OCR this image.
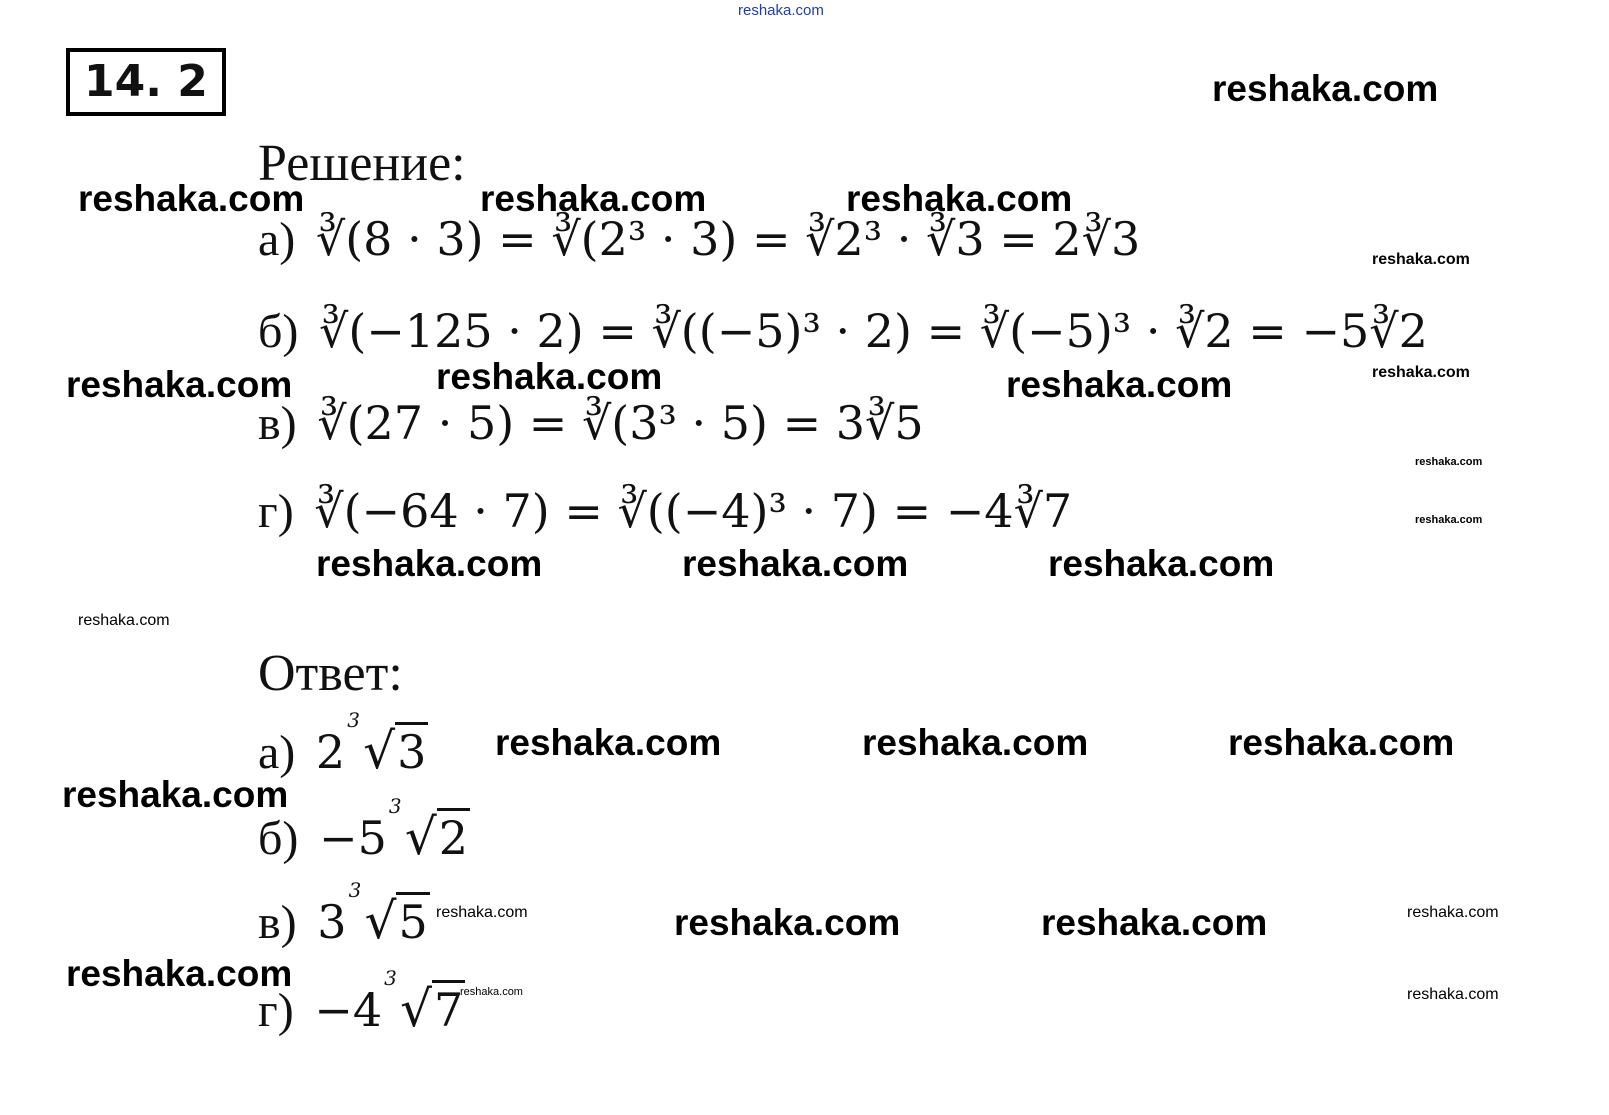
reshaka.com
14. 2
Решение:
Ответ:
а) ∛(8 · 3) = ∛(2³ · 3) = ∛2³ · ∛3 = 2∛3
б) ∛(−125 · 2) = ∛((−5)³ · 2) = ∛(−5)³ · ∛2 = −5∛2
в) ∛(27 · 5) = ∛(3³ · 5) = 3∛5
г) ∛(−64 · 7) = ∛((−4)³ · 7) = −4∛7
а) 2
3
√3
б) −5
3
√2
в) 3
3
√5
г) −4
3
√7
reshaka.com
reshaka.com	reshaka.com	reshaka.com
reshaka.com
reshaka.com
reshaka.com	reshaka.com	reshaka.com
reshaka.com
reshaka.com
reshaka.com	reshaka.com	reshaka.com
reshaka.com
reshaka.com	reshaka.com	reshaka.com
reshaka.com
reshaka.com	reshaka.com	reshaka.com	reshaka.com
reshaka.com	reshaka.com	reshaka.com
